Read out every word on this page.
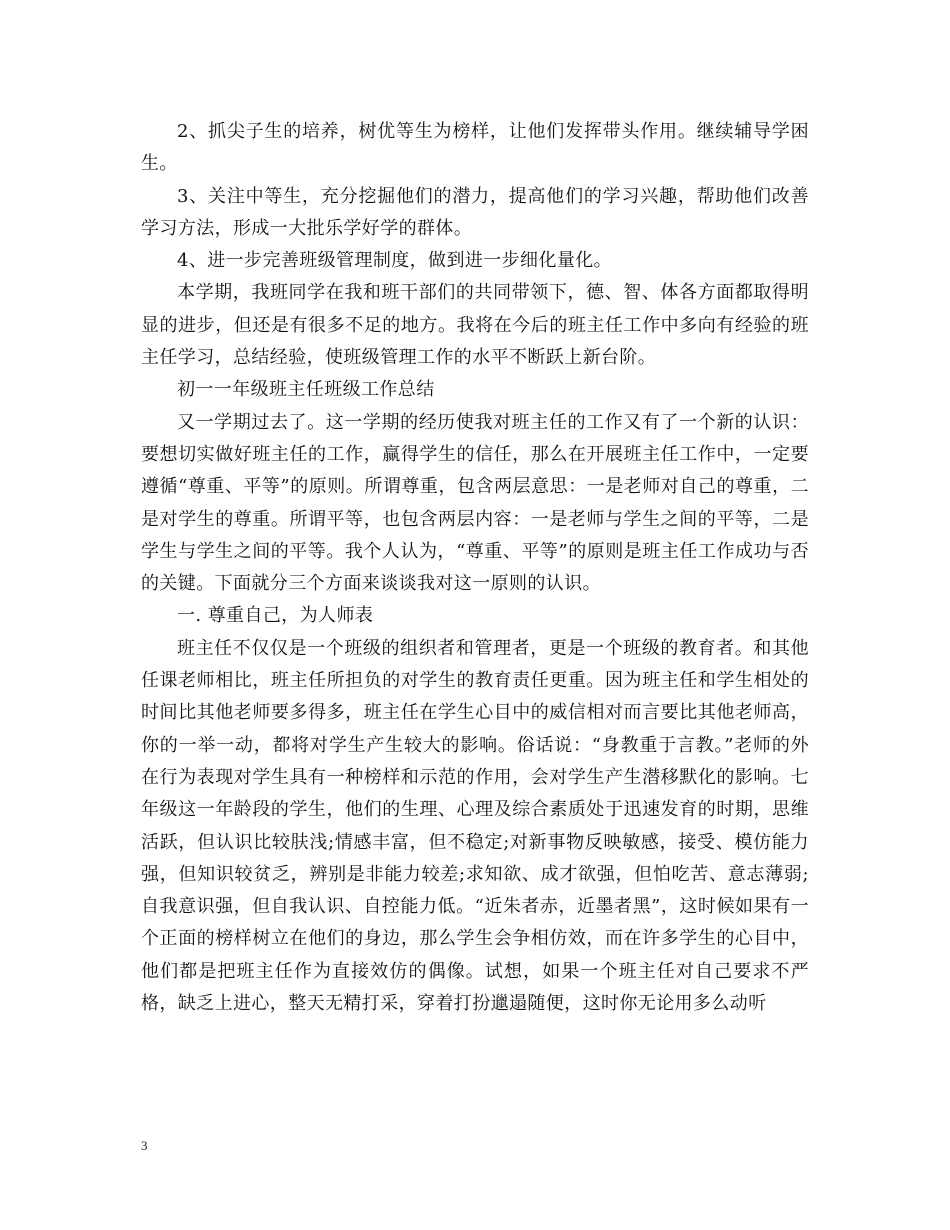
2、抓尖子生的培养，树优等生为榜样，让他们发挥带头作用。继续辅导学困生。

3、关注中等生，充分挖掘他们的潜力，提高他们的学习兴趣，帮助他们改善学习方法，形成一大批乐学好学的群体。

4、进一步完善班级管理制度，做到进一步细化量化。

本学期，我班同学在我和班干部们的共同带领下，德、智、体各方面都取得明显的进步，但还是有很多不足的地方。我将在今后的班主任工作中多向有经验的班主任学习，总结经验，使班级管理工作的水平不断跃上新台阶。

初一一年级班主任班级工作总结

又一学期过去了。这一学期的经历使我对班主任的工作又有了一个新的认识：要想切实做好班主任的工作，赢得学生的信任，那么在开展班主任工作中，一定要遵循“尊重、平等”的原则。所谓尊重，包含两层意思：一是老师对自己的尊重，二是对学生的尊重。所谓平等，也包含两层内容：一是老师与学生之间的平等，二是学生与学生之间的平等。我个人认为，“尊重、平等”的原则是班主任工作成功与否的关键。下面就分三个方面来谈谈我对这一原则的认识。

一. 尊重自己，为人师表

班主任不仅仅是一个班级的组织者和管理者，更是一个班级的教育者。和其他任课老师相比，班主任所担负的对学生的教育责任更重。因为班主任和学生相处的时间比其他老师要多得多，班主任在学生心目中的威信相对而言要比其他老师高，你的一举一动，都将对学生产生较大的影响。俗话说：“身教重于言教。”老师的外在行为表现对学生具有一种榜样和示范的作用，会对学生产生潜移默化的影响。七年级这一年龄段的学生，他们的生理、心理及综合素质处于迅速发育的时期，思维活跃，但认识比较肤浅;情感丰富，但不稳定;对新事物反映敏感，接受、模仿能力强，但知识较贫乏，辨别是非能力较差;求知欲、成才欲强，但怕吃苦、意志薄弱;自我意识强，但自我认识、自控能力低。“近朱者赤，近墨者黑”，这时候如果有一个正面的榜样树立在他们的身边，那么学生会争相仿效，而在许多学生的心目中，他们都是把班主任作为直接效仿的偶像。试想，如果一个班主任对自己要求不严格，缺乏上进心，整天无精打采，穿着打扮邋遢随便，这时你无论用多么动听

3
